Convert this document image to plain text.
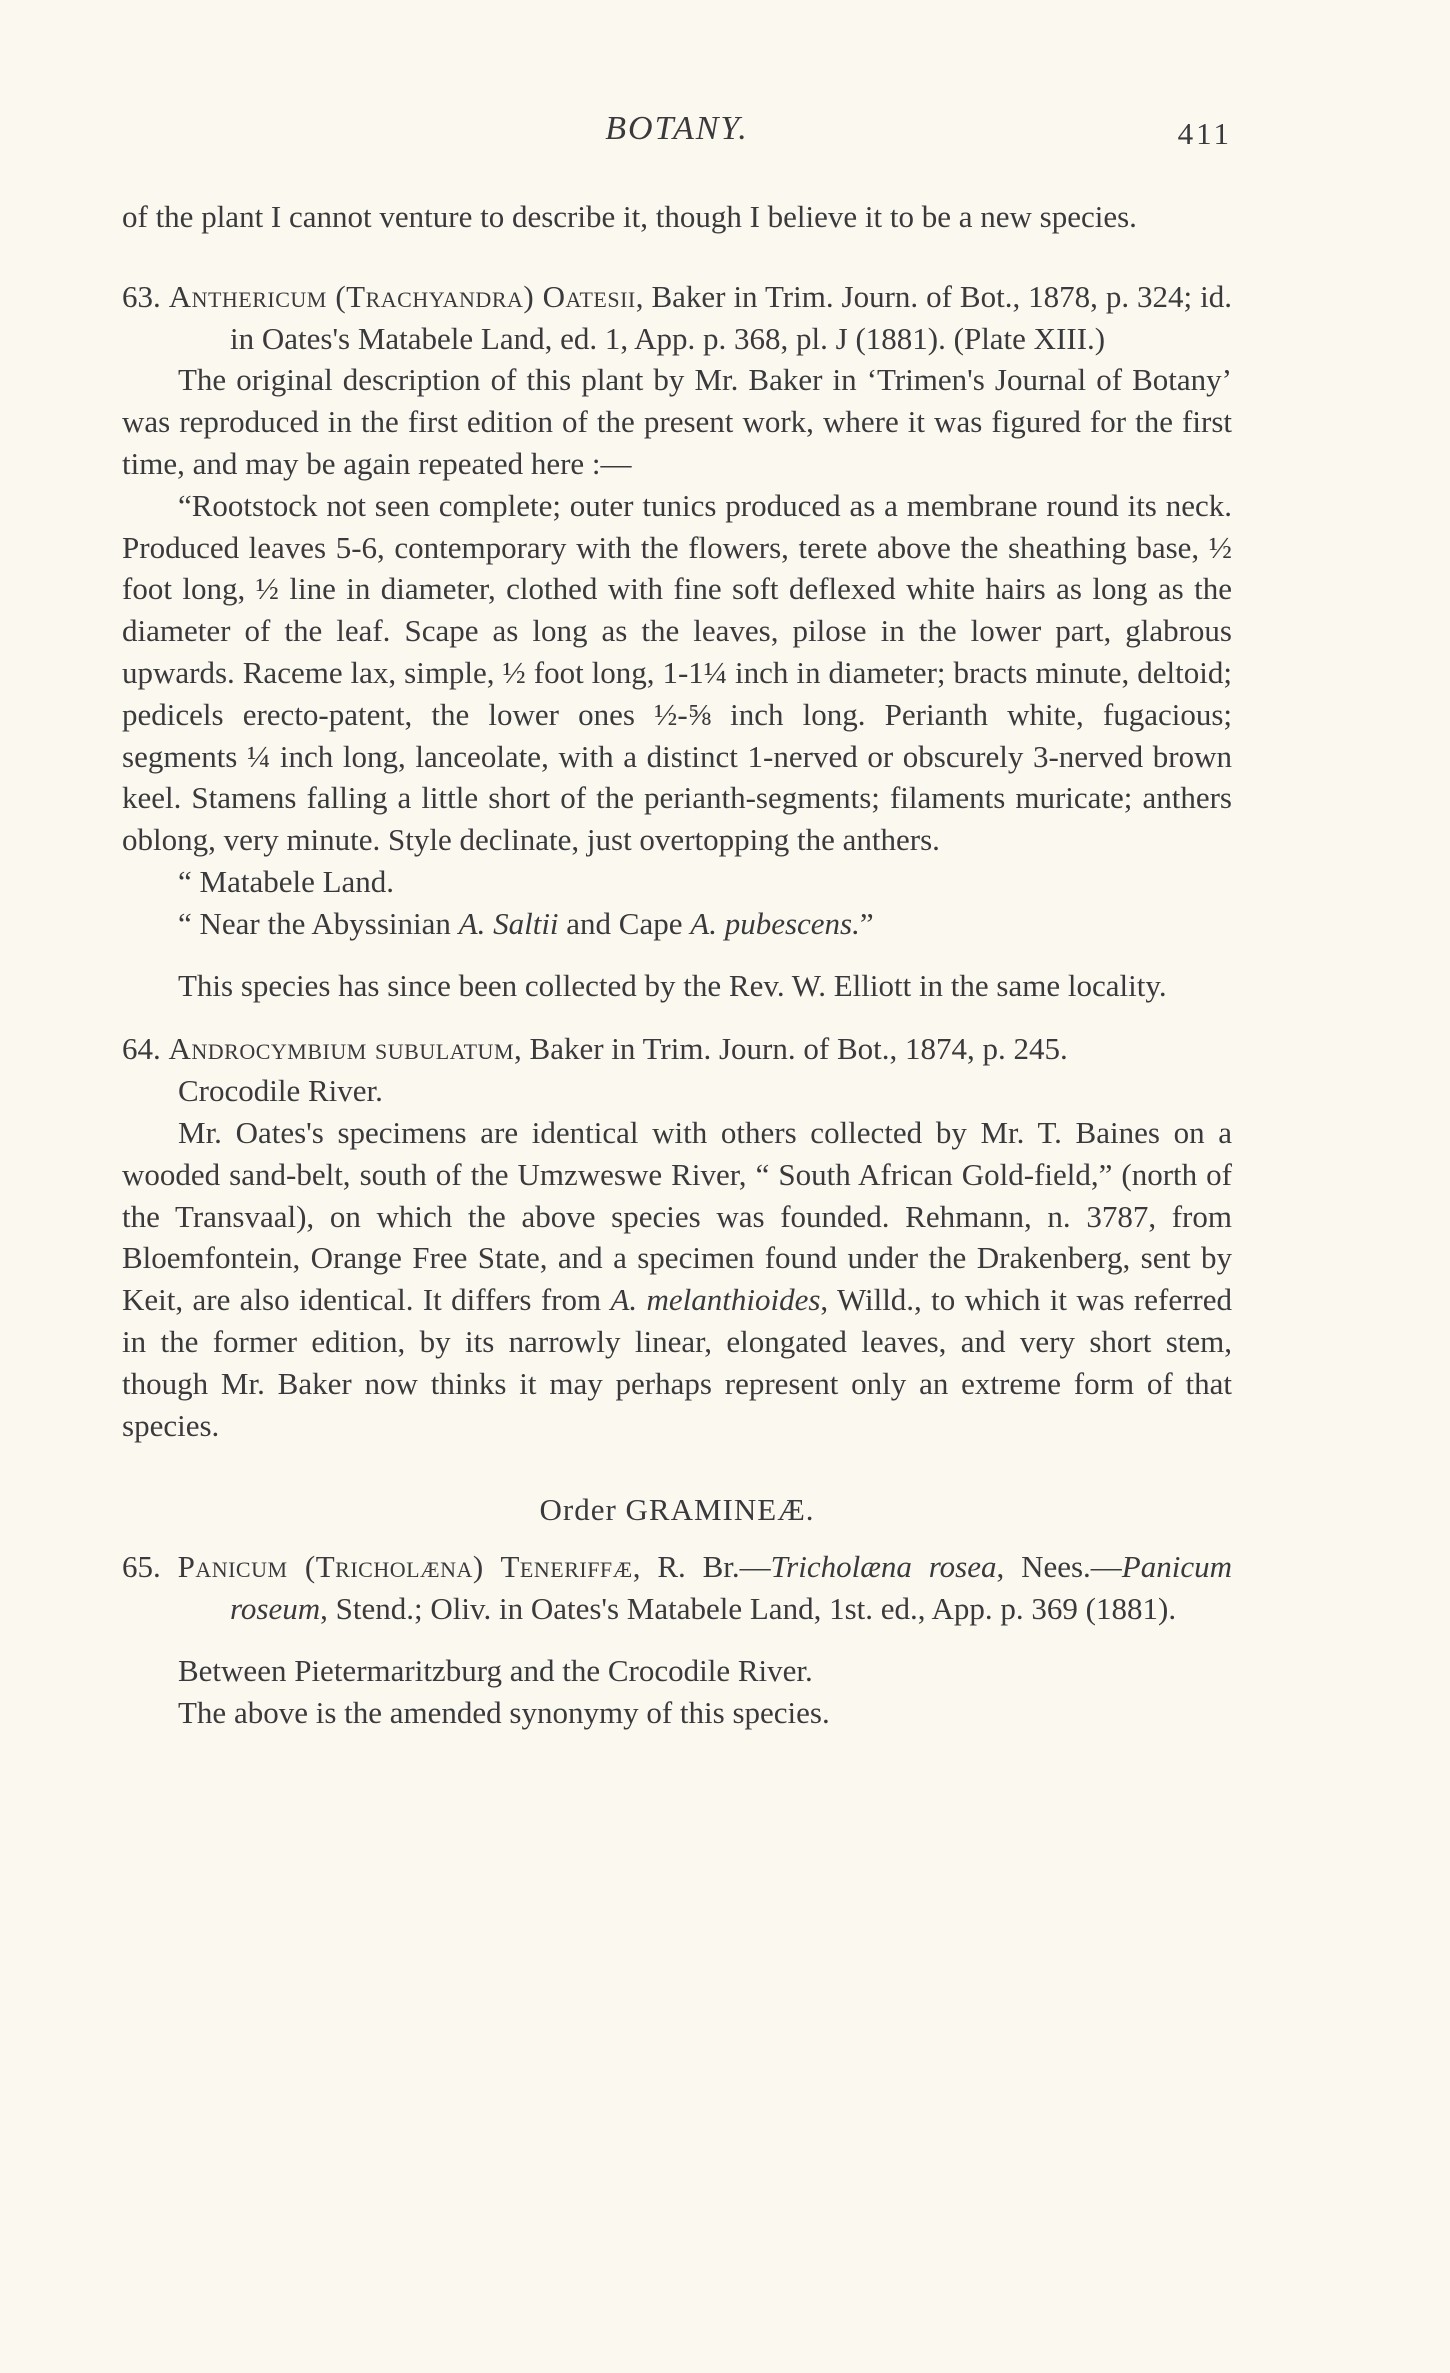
BOTANY.	411

of the plant I cannot venture to describe it, though I believe it to be a new species.

63. Anthericum (Trachyandra) Oatesii, Baker in Trim. Journ. of Bot., 1878, p. 324; id. in Oates's Matabele Land, ed. 1, App. p. 368, pl. J (1881). (Plate XIII.)

The original description of this plant by Mr. Baker in ‘Trimen's Journal of Botany’ was reproduced in the first edition of the present work, where it was figured for the first time, and may be again repeated here :—

“Rootstock not seen complete; outer tunics produced as a membrane round its neck. Produced leaves 5-6, contemporary with the flowers, terete above the sheathing base, ½ foot long, ½ line in diameter, clothed with fine soft deflexed white hairs as long as the diameter of the leaf. Scape as long as the leaves, pilose in the lower part, glabrous upwards. Raceme lax, simple, ½ foot long, 1-1¼ inch in diameter; bracts minute, deltoid; pedicels erecto-patent, the lower ones ½-⅝ inch long. Perianth white, fugacious; segments ¼ inch long, lanceolate, with a distinct 1-nerved or obscurely 3-nerved brown keel. Stamens falling a little short of the perianth-segments; filaments muricate; anthers oblong, very minute. Style declinate, just overtopping the anthers.

“ Matabele Land.

“ Near the Abyssinian A. Saltii and Cape A. pubescens.”

This species has since been collected by the Rev. W. Elliott in the same locality.

64. Androcymbium subulatum, Baker in Trim. Journ. of Bot., 1874, p. 245.

Crocodile River.

Mr. Oates's specimens are identical with others collected by Mr. T. Baines on a wooded sand-belt, south of the Umzweswe River, “ South African Gold-field,” (north of the Transvaal), on which the above species was founded. Rehmann, n. 3787, from Bloemfontein, Orange Free State, and a specimen found under the Drakenberg, sent by Keit, are also identical. It differs from A. melanthioides, Willd., to which it was referred in the former edition, by its narrowly linear, elongated leaves, and very short stem, though Mr. Baker now thinks it may perhaps represent only an extreme form of that species.

Order GRAMINEÆ.

65. Panicum (Tricholæna) Teneriffæ, R. Br.—Tricholæna rosea, Nees.—Panicum roseum, Stend.; Oliv. in Oates's Matabele Land, 1st. ed., App. p. 369 (1881).

Between Pietermaritzburg and the Crocodile River.

The above is the amended synonymy of this species.
